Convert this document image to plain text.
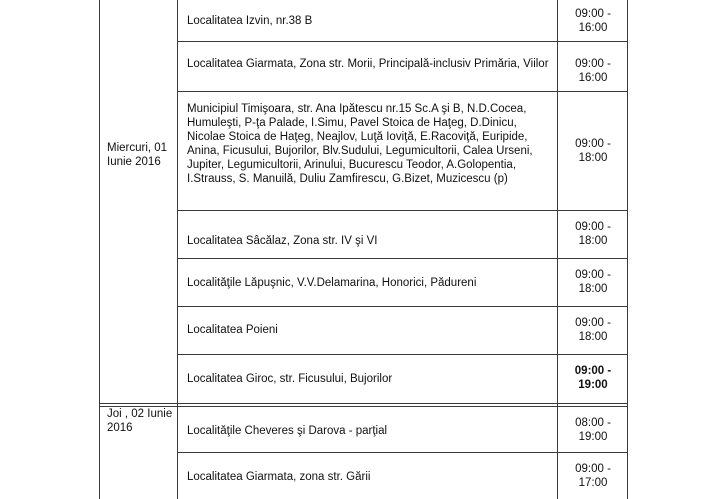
Miercuri, 01 Iunie 2016
Joi , 02 Iunie 2016
Localitatea Izvin, nr.38 B
09:00 - 16:00
Localitatea Giarmata, Zona str. Morii, Principală-inclusiv Primăria, Viilor	09:00 - 16:00
Municipiul Timişoara, str. Ana Ipătescu nr.15 Sc.A şi B, N.D.Cocea, Humuleşti, P-ţa Palade, I.Simu, Pavel Stoica de Haţeg, D.Dinicu, Nicolae Stoica de Haţeg, Neajlov, Luţă Ioviţă, E.Racoviţă, Euripide, Anina, Ficusului, Bujorilor, Blv.Sudului, Legumicultorii, Calea Urseni, Jupiter, Legumicultorii, Arinului, Bucurescu Teodor, A.Golopentia, I.Strauss, S. Manuilă, Duliu Zamfirescu, G.Bizet, Muzicescu (p)
09:00 - 18:00
Localitatea Sâcălaz, Zona str. IV şi VI
09:00 - 18:00
Localităţile Lăpuşnic, V.V.Delamarina, Honorici, Pădureni
09:00 - 18:00
Localitatea Poieni
09:00 - 18:00
Localitatea Giroc, str. Ficusului, Bujorilor
09:00 - 19:00
Localităţile Cheveres şi Darova - parţial
08:00 - 19:00
Localitatea Giarmata, zona str. Gării
09:00 - 17:00
